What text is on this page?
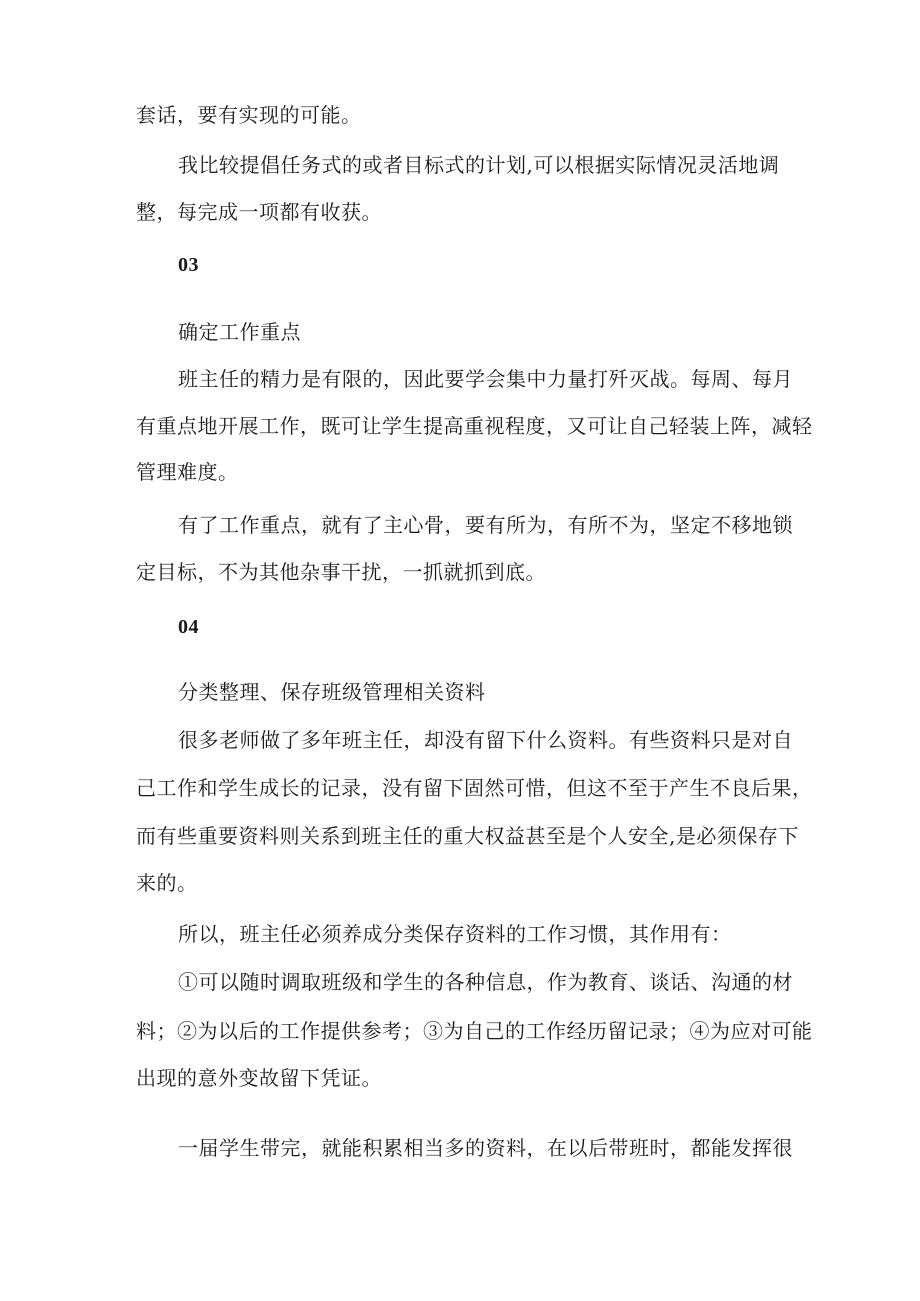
套话，要有实现的可能。
我比较提倡任务式的或者目标式的计划,可以根据实际情况灵活地调
整，每完成一项都有收获。
03
确定工作重点
班主任的精力是有限的，因此要学会集中力量打歼灭战。每周、每月
有重点地开展工作，既可让学生提高重视程度，又可让自己轻装上阵，减轻
管理难度。
有了工作重点，就有了主心骨，要有所为，有所不为，坚定不移地锁
定目标，不为其他杂事干扰，一抓就抓到底。
04
分类整理、保存班级管理相关资料
很多老师做了多年班主任，却没有留下什么资料。有些资料只是对自
己工作和学生成长的记录，没有留下固然可惜，但这不至于产生不良后果，
而有些重要资料则关系到班主任的重大权益甚至是个人安全,是必须保存下
来的。
所以，班主任必须养成分类保存资料的工作习惯，其作用有：
①可以随时调取班级和学生的各种信息，作为教育、谈话、沟通的材
料；②为以后的工作提供参考；③为自己的工作经历留记录；④为应对可能
出现的意外变故留下凭证。
一届学生带完，就能积累相当多的资料，在以后带班时，都能发挥很
